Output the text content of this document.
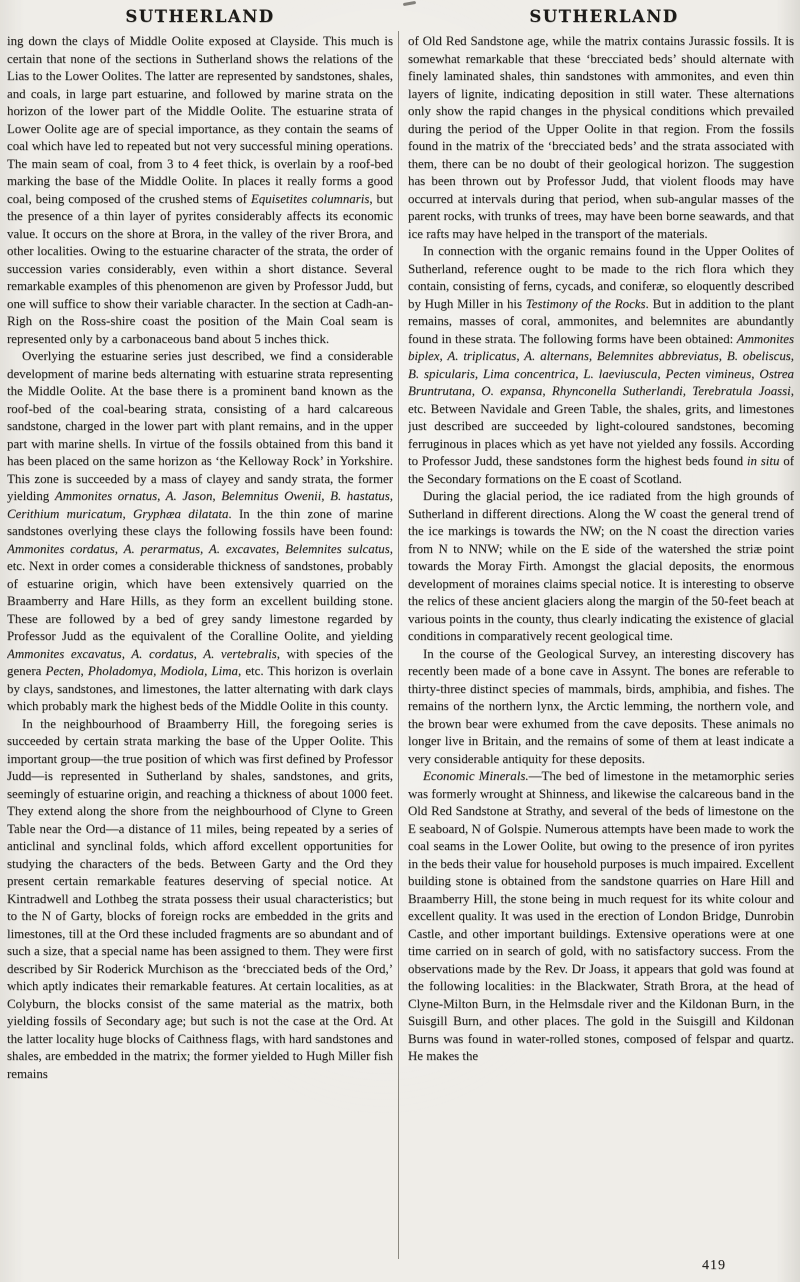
SUTHERLAND	SUTHERLAND

ing down the clays of Middle Oolite exposed at Clayside. This much is certain that none of the sections in Sutherland shows the relations of the Lias to the Lower Oolites. The latter are represented by sandstones, shales, and coals, in large part estuarine, and followed by marine strata on the horizon of the lower part of the Middle Oolite. The estuarine strata of Lower Oolite age are of special importance, as they contain the seams of coal which have led to repeated but not very successful mining operations. The main seam of coal, from 3 to 4 feet thick, is overlain by a roof-bed marking the base of the Middle Oolite. In places it really forms a good coal, being composed of the crushed stems of Equisetites columnaris, but the presence of a thin layer of pyrites considerably affects its economic value. It occurs on the shore at Brora, in the valley of the river Brora, and other localities. Owing to the estuarine character of the strata, the order of succession varies considerably, even within a short distance. Several remarkable examples of this phenomenon are given by Professor Judd, but one will suffice to show their variable character. In the section at Cadh-an-Righ on the Ross-shire coast the position of the Main Coal seam is represented only by a carbonaceous band about 5 inches thick.

Overlying the estuarine series just described, we find a considerable development of marine beds alternating with estuarine strata representing the Middle Oolite. At the base there is a prominent band known as the roof-bed of the coal-bearing strata, consisting of a hard calcareous sandstone, charged in the lower part with plant remains, and in the upper part with marine shells. In virtue of the fossils obtained from this band it has been placed on the same horizon as ‘the Kelloway Rock’ in Yorkshire. This zone is succeeded by a mass of clayey and sandy strata, the former yielding Ammonites ornatus, A. Jason, Belemnitus Owenii, B. hastatus, Cerithium muricatum, Gryphæa dilatata. In the thin zone of marine sandstones overlying these clays the following fossils have been found: Ammonites cordatus, A. perarmatus, A. excavates, Belemnites sulcatus, etc. Next in order comes a considerable thickness of sandstones, probably of estuarine origin, which have been extensively quarried on the Braamberry and Hare Hills, as they form an excellent building stone. These are followed by a bed of grey sandy limestone regarded by Professor Judd as the equivalent of the Coralline Oolite, and yielding Ammonites excavatus, A. cordatus, A. vertebralis, with species of the genera Pecten, Pholadomya, Modiola, Lima, etc. This horizon is overlain by clays, sandstones, and limestones, the latter alternating with dark clays which probably mark the highest beds of the Middle Oolite in this county.

In the neighbourhood of Braamberry Hill, the foregoing series is succeeded by certain strata marking the base of the Upper Oolite. This important group—the true position of which was first defined by Professor Judd—is represented in Sutherland by shales, sandstones, and grits, seemingly of estuarine origin, and reaching a thickness of about 1000 feet. They extend along the shore from the neighbourhood of Clyne to Green Table near the Ord—a distance of 11 miles, being repeated by a series of anticlinal and synclinal folds, which afford excellent opportunities for studying the characters of the beds. Between Garty and the Ord they present certain remarkable features deserving of special notice. At Kintradwell and Lothbeg the strata possess their usual characteristics; but to the N of Garty, blocks of foreign rocks are embedded in the grits and limestones, till at the Ord these included fragments are so abundant and of such a size, that a special name has been assigned to them. They were first described by Sir Roderick Murchison as the ‘brecciated beds of the Ord,’ which aptly indicates their remarkable features. At certain localities, as at Colyburn, the blocks consist of the same material as the matrix, both yielding fossils of Secondary age; but such is not the case at the Ord. At the latter locality huge blocks of Caithness flags, with hard sandstones and shales, are embedded in the matrix; the former yielded to Hugh Miller fish remains

of Old Red Sandstone age, while the matrix contains Jurassic fossils. It is somewhat remarkable that these ‘brecciated beds’ should alternate with finely laminated shales, thin sandstones with ammonites, and even thin layers of lignite, indicating deposition in still water. These alternations only show the rapid changes in the physical conditions which prevailed during the period of the Upper Oolite in that region. From the fossils found in the matrix of the ‘brecciated beds’ and the strata associated with them, there can be no doubt of their geological horizon. The suggestion has been thrown out by Professor Judd, that violent floods may have occurred at intervals during that period, when sub-angular masses of the parent rocks, with trunks of trees, may have been borne seawards, and that ice rafts may have helped in the transport of the materials.

In connection with the organic remains found in the Upper Oolites of Sutherland, reference ought to be made to the rich flora which they contain, consisting of ferns, cycads, and coniferæ, so eloquently described by Hugh Miller in his Testimony of the Rocks. But in addition to the plant remains, masses of coral, ammonites, and belemnites are abundantly found in these strata. The following forms have been obtained: Ammonites biplex, A. triplicatus, A. alternans, Belemnites abbreviatus, B. obeliscus, B. spicularis, Lima concentrica, L. laeviuscula, Pecten vimineus, Ostrea Bruntrutana, O. expansa, Rhynconella Sutherlandi, Terebratula Joassi, etc. Between Navidale and Green Table, the shales, grits, and limestones just described are succeeded by light-coloured sandstones, becoming ferruginous in places which as yet have not yielded any fossils. According to Professor Judd, these sandstones form the highest beds found in situ of the Secondary formations on the E coast of Scotland.

During the glacial period, the ice radiated from the high grounds of Sutherland in different directions. Along the W coast the general trend of the ice markings is towards the NW; on the N coast the direction varies from N to NNW; while on the E side of the watershed the striæ point towards the Moray Firth. Amongst the glacial deposits, the enormous development of moraines claims special notice. It is interesting to observe the relics of these ancient glaciers along the margin of the 50-feet beach at various points in the county, thus clearly indicating the existence of glacial conditions in comparatively recent geological time.

In the course of the Geological Survey, an interesting discovery has recently been made of a bone cave in Assynt. The bones are referable to thirty-three distinct species of mammals, birds, amphibia, and fishes. The remains of the northern lynx, the Arctic lemming, the northern vole, and the brown bear were exhumed from the cave deposits. These animals no longer live in Britain, and the remains of some of them at least indicate a very considerable antiquity for these deposits.

Economic Minerals.—The bed of limestone in the metamorphic series was formerly wrought at Shinness, and likewise the calcareous band in the Old Red Sandstone at Strathy, and several of the beds of limestone on the E seaboard, N of Golspie. Numerous attempts have been made to work the coal seams in the Lower Oolite, but owing to the presence of iron pyrites in the beds their value for household purposes is much impaired. Excellent building stone is obtained from the sandstone quarries on Hare Hill and Braamberry Hill, the stone being in much request for its white colour and excellent quality. It was used in the erection of London Bridge, Dunrobin Castle, and other important buildings. Extensive operations were at one time carried on in search of gold, with no satisfactory success. From the observations made by the Rev. Dr Joass, it appears that gold was found at the following localities: in the Blackwater, Strath Brora, at the head of Clyne-Milton Burn, in the Helmsdale river and the Kildonan Burn, in the Suisgill Burn, and other places. The gold in the Suisgill and Kildonan Burns was found in water-rolled stones, composed of felspar and quartz. He makes the

419
